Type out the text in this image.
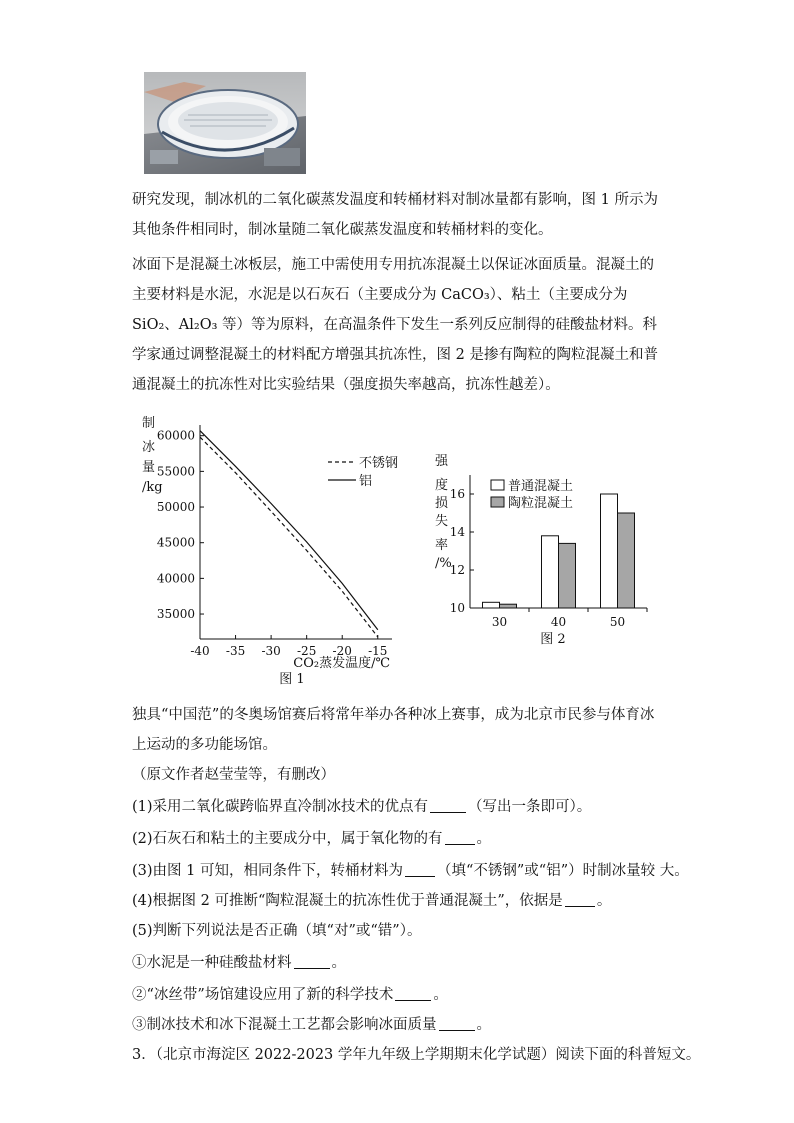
研究发现，制冰机的二氧化碳蒸发温度和转桶材料对制冰量都有影响，图 1 所示为其他条件相同时，制冰量随二氧化碳蒸发温度和转桶材料的变化。

冰面下是混凝土冰板层，施工中需使用专用抗冻混凝土以保证冰面质量。混凝土的主要材料是水泥，水泥是以石灰石（主要成分为 CaCO₃）、粘土（主要成分为 SiO₂、Al₂O₃ 等）等为原料，在高温条件下发生一系列反应制得的硅酸盐材料。科学家通过调整混凝土的材料配方增强其抗冻性，图 2 是掺有陶粒的陶粒混凝土和普通混凝土的抗冻性对比实验结果（强度损失率越高，抗冻性越差）。

35000
40000
45000
50000
55000
60000
-40 -35 -30 -25 -20 -15
制
冰
量
/kg
CO₂蒸发温度/℃
图 1
不锈钢
铝
10
12
14
16
强
度
损
失
率
/%
30	40	50
普通混凝土
陶粒混凝土
图 2

独具“中国范”的冬奥场馆赛后将常年举办各种冰上赛事，成为北京市民参与体育冰上运动的多功能场馆。

（原文作者赵莹莹等，有删改）
(1)采用二氧化碳跨临界直冷制冰技术的优点有	（写出一条即可）。
(2)石灰石和粘土的主要成分中，属于氧化物的有 。
(3)由图 1 可知，相同条件下，转桶材料为 （填“不锈钢”或“铝”）时制冰量较 大。
(4)根据图 2 可推断“陶粒混凝土的抗冻性优于普通混凝土”，依据是 。
(5)判断下列说法是否正确（填“对”或“错”）。
①水泥是一种硅酸盐材料	。
②“冰丝带”场馆建设应用了新的科学技术	。
③制冰技术和冰下混凝土工艺都会影响冰面质量	。
3．（北京市海淀区 2022-2023 学年九年级上学期期末化学试题）阅读下面的科普短文。
